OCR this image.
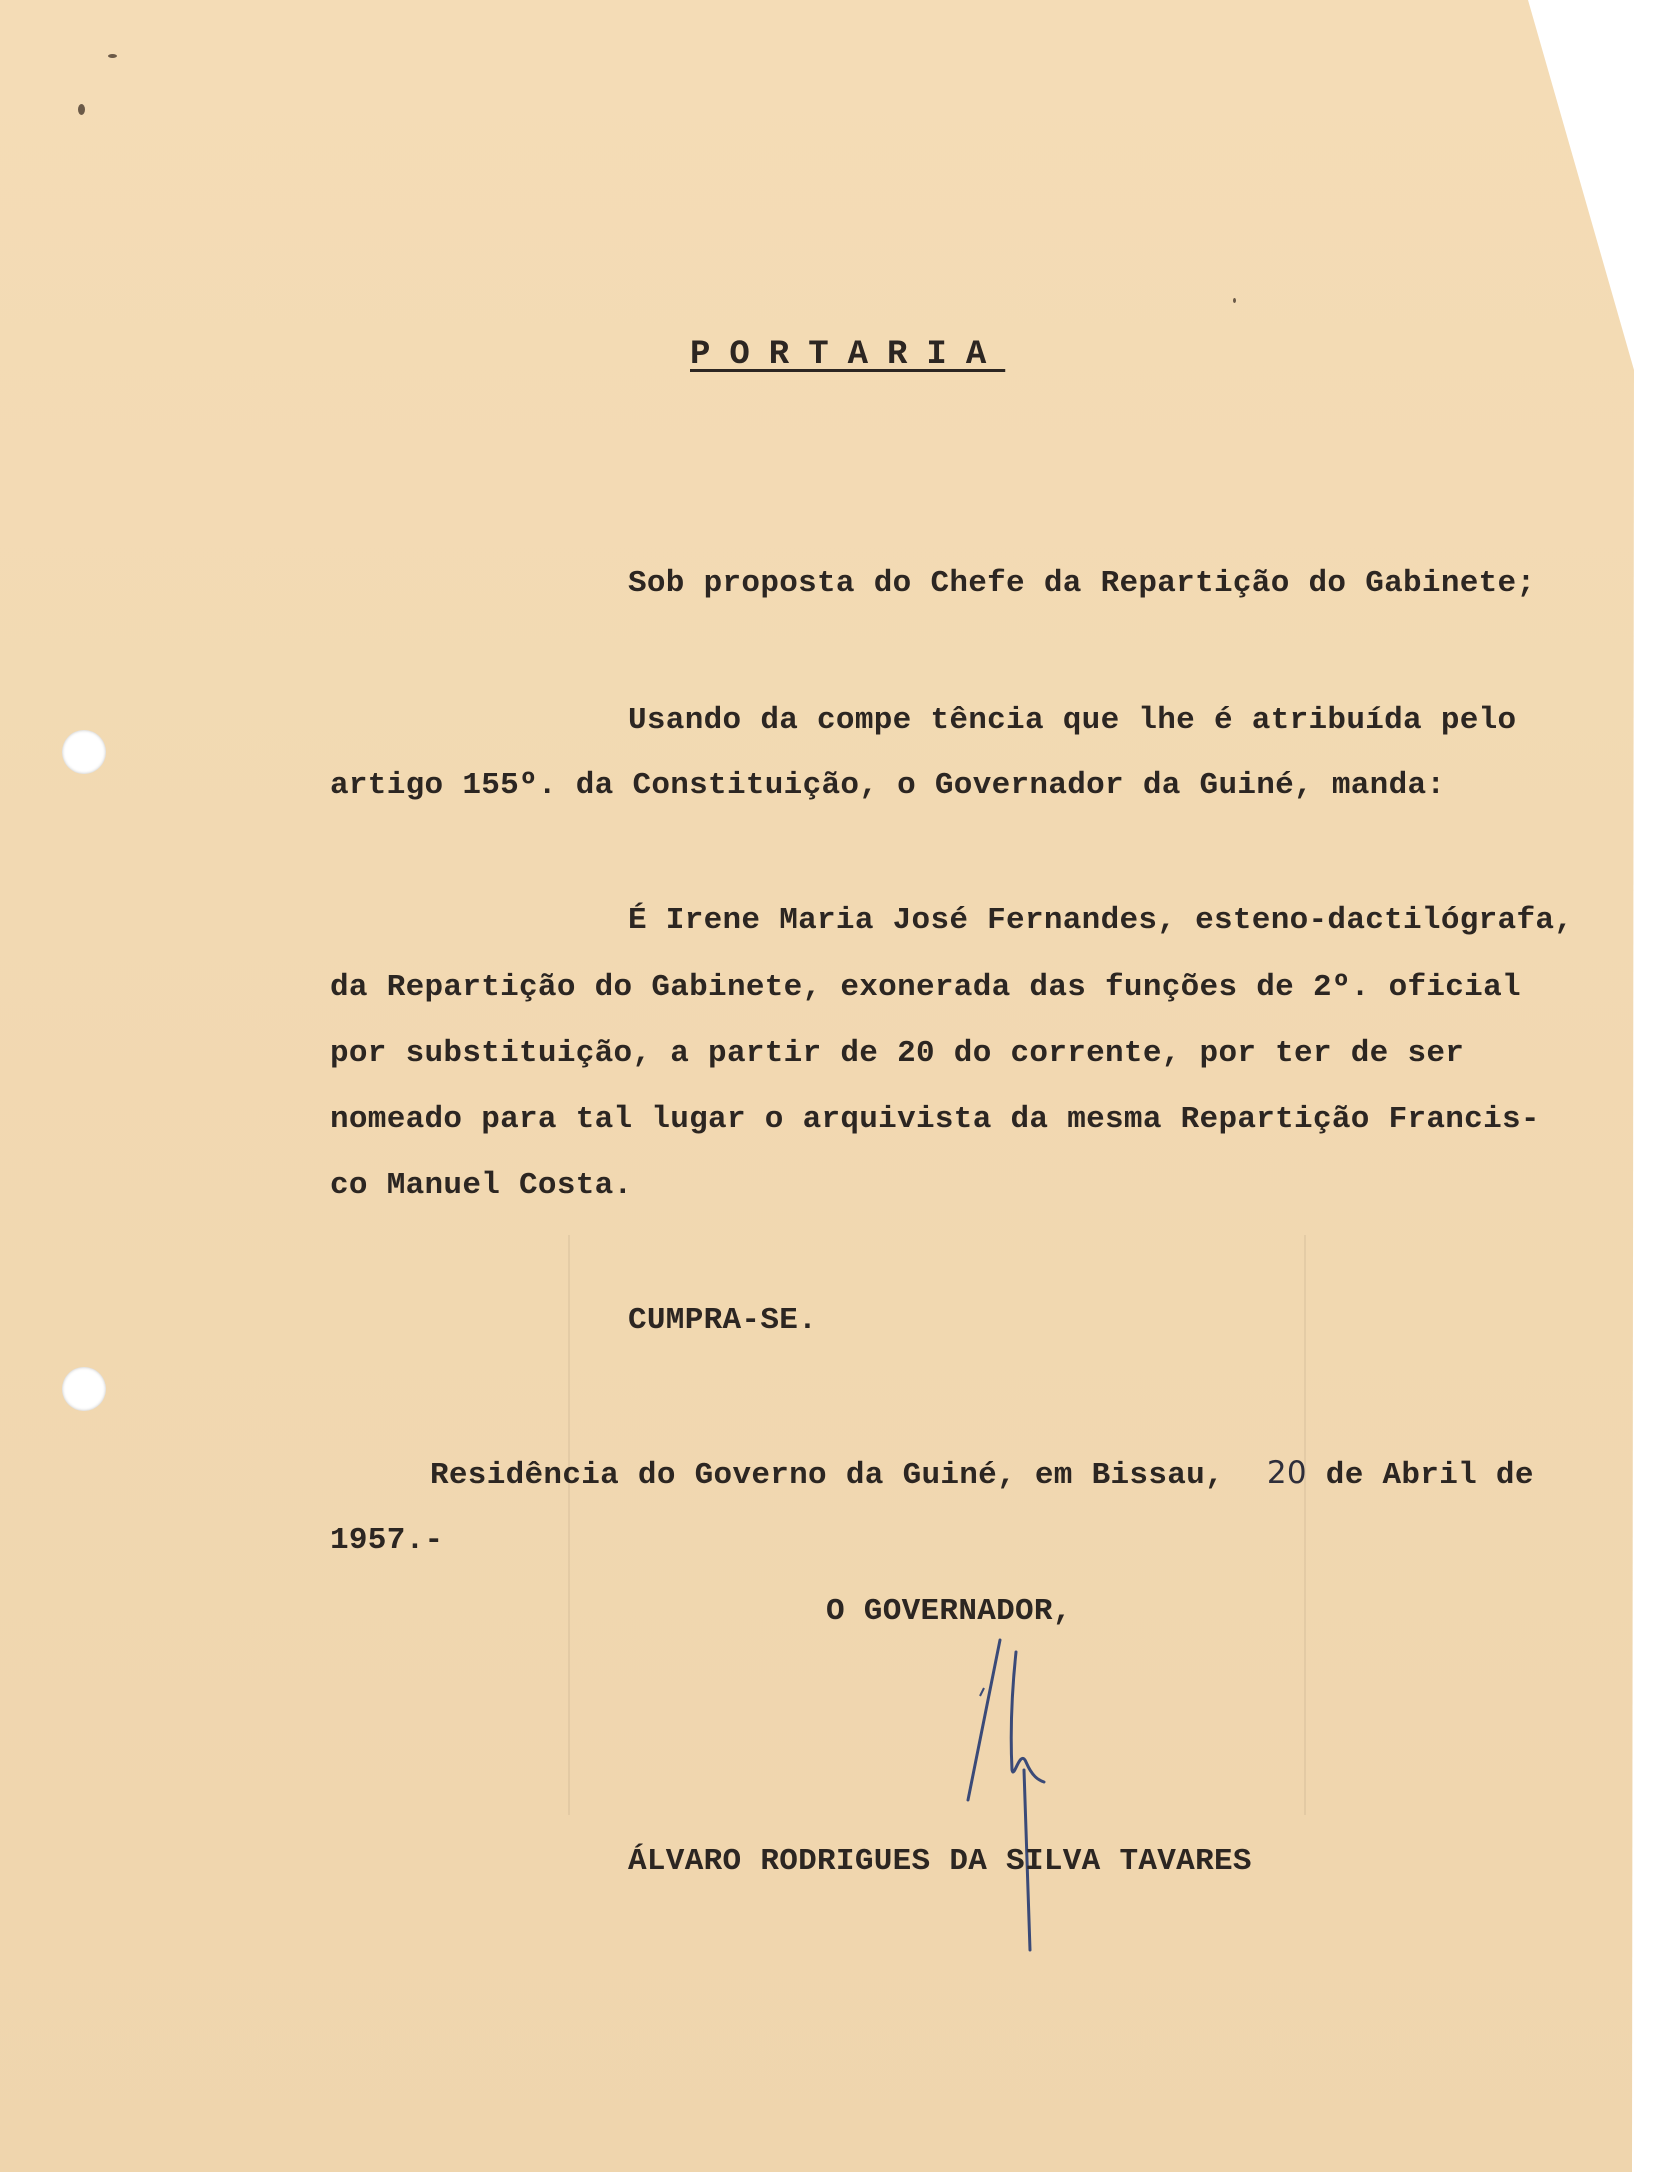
PORTARIA
Sob proposta do Chefe da Repartição do Gabinete;
Usando da compe tência que lhe é atribuída pelo
artigo 155º. da Constituição, o Governador da Guiné, manda:
É Irene Maria José Fernandes, esteno-dactilógrafa,
da Repartição do Gabinete, exonerada das funções de 2º. oficial
por substituição, a partir de 20 do corrente, por ter de ser
nomeado para tal lugar o arquivista da mesma Repartição Francis-
co Manuel Costa.
CUMPRA-SE.
Residência do Governo da Guiné, em Bissau, 20 de Abril de
1957.-
O GOVERNADOR,
ÁLVARO RODRIGUES DA SILVA TAVARES
